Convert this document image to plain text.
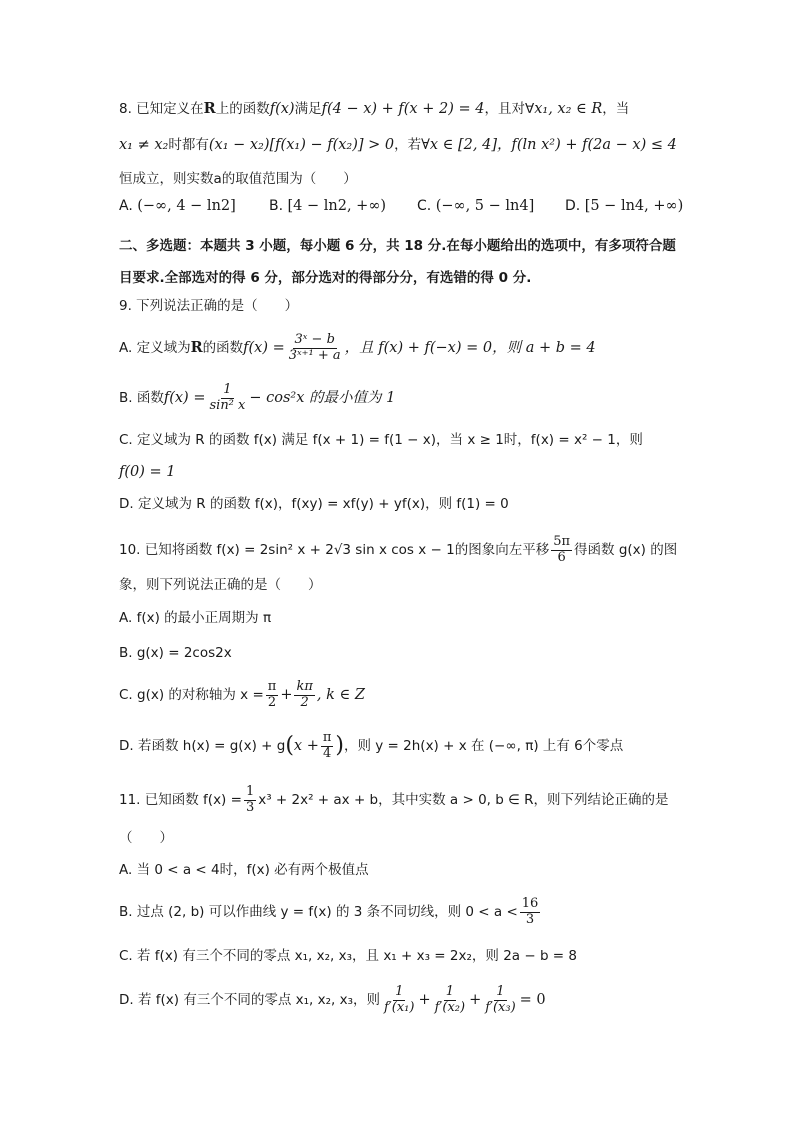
8. 已知定义在R上的函数f(x)满足f(4 − x) + f(x + 2) = 4，且对∀x₁, x₂ ∈ R，当
x₁ ≠ x₂时都有(x₁ − x₂)[f(x₁) − f(x₂)] > 0，若∀x ∈ [2, 4]，f(ln x²) + f(2a − x) ≤ 4
恒成立，则实数a的取值范围为（　　）
A. (−∞, 4 − ln2] B. [4 − ln2, +∞) C. (−∞, 5 − ln4] D. [5 − ln4, +∞)
二、多选题：本题共 3 小题，每小题 6 分，共 18 分.在每小题给出的选项中，有多项符合题
目要求.全部选对的得 6 分，部分选对的得部分分，有选错的得 0 分.
9. 下列说法正确的是（　　）
A. 定义域为R的函数$f(x) = \frac{\text{3ˣ − b}}{\text{3ˣ⁺¹ + a}}$ ，且 f(x) + f(−x) = 0，则 a + b = 4
B. 函数$f(x) = \frac{1}{\text{sin² x}} - \cos^2x$ 的最小值为 1
C. 定义域为 R 的函数 f(x) 满足 f(x + 1) = f(1 − x)，当 x ≥ 1时，f(x) = x² − 1，则
f(0) = 1
D. 定义域为 R 的函数 f(x)，f(xy) = xf(y) + yf(x)，则 f(1) = 0
10. 已知将函数 f(x) = 2sin² x + 2√3 sin x cos x − 1的图象向左平移 $\frac{5\pi}{6}$ 得函数 g(x) 的图
象，则下列说法正确的是（　　）
A. f(x) 的最小正周期为 π
B. g(x) = 2cos2x
C. g(x) 的对称轴为 $x = \frac{\pi}{2} + \frac{k\pi}{2}$ , k ∈ Z
D. 若函数 $h(x) = g(x) + g(x + \frac{\pi}{4}$ )，则 y = 2h(x) + x 在 (−∞, π) 上有 6个零点
11. 已知函数 $f(x) = \frac{1}{3} x^3 + 2x^2$ + ax + b，其中实数 a > 0, b ∈ R，则下列结论正确的是
（　　）
A. 当 0 < a < 4时，f(x) 必有两个极值点
B. 过点 (2, b) 可以作曲线 y = f(x) 的 3 条不同切线，则 $0 < a < \frac{16}{3}$
C. 若 f(x) 有三个不同的零点 x₁, x₂, x₃，且 x₁ + x₃ = 2x₂，则 2a − b = 8
D. 若 f(x) 有三个不同的零点 x₁, x₂, x₃，则 $\frac{1}{\text{f′(x₁)}} + \frac{1}{\text{f′(x₂)}} + \frac{1}{\text{f′(x₃)}} = 0$
